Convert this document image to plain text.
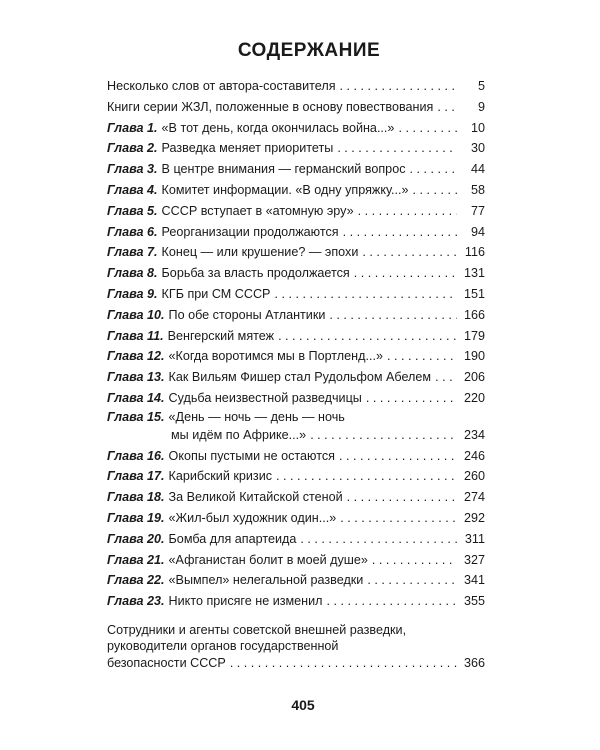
СОДЕРЖАНИЕ
Несколько слов от автора-составителя . . .	5
Книги серии ЖЗЛ, положенные в основу повествования . . .	9
Глава 1. «В тот день, когда окончилась война...» . . .	10
Глава 2. Разведка меняет приоритеты . . .	30
Глава 3. В центре внимания — германский вопрос . . .	44
Глава 4. Комитет информации. «В одну упряжку...» . . .	58
Глава 5. СССР вступает в «атомную эру» . . .	77
Глава 6. Реорганизации продолжаются . . .	94
Глава 7. Конец — или крушение? — эпохи . . .	116
Глава 8. Борьба за власть продолжается . . .	131
Глава 9. КГБ при СМ СССР . . .	151
Глава 10. По обе стороны Атлантики . . .	166
Глава 11. Венгерский мятеж . . .	179
Глава 12. «Когда воротимся мы в Портленд...» . . .	190
Глава 13. Как Вильям Фишер стал Рудольфом Абелем . . .	206
Глава 14. Судьба неизвестной разведчицы . . .	220
Глава 15. «День — ночь — день — ночь
мы идём по Африке...» . . .	234
Глава 16. Окопы пустыми не остаются . . .	246
Глава 17. Карибский кризис . . .	260
Глава 18. За Великой Китайской стеной . . .	274
Глава 19. «Жил-был художник один...» . . .	292
Глава 20. Бомба для апартеида . . .	311
Глава 21. «Афганистан болит в моей душе» . . .	327
Глава 22. «Вымпел» нелегальной разведки . . .	341
Глава 23. Никто присяге не изменил . . .	355
Сотрудники и агенты советской внешней разведки,
руководители органов государственной
безопасности СССР . . .	366
405
